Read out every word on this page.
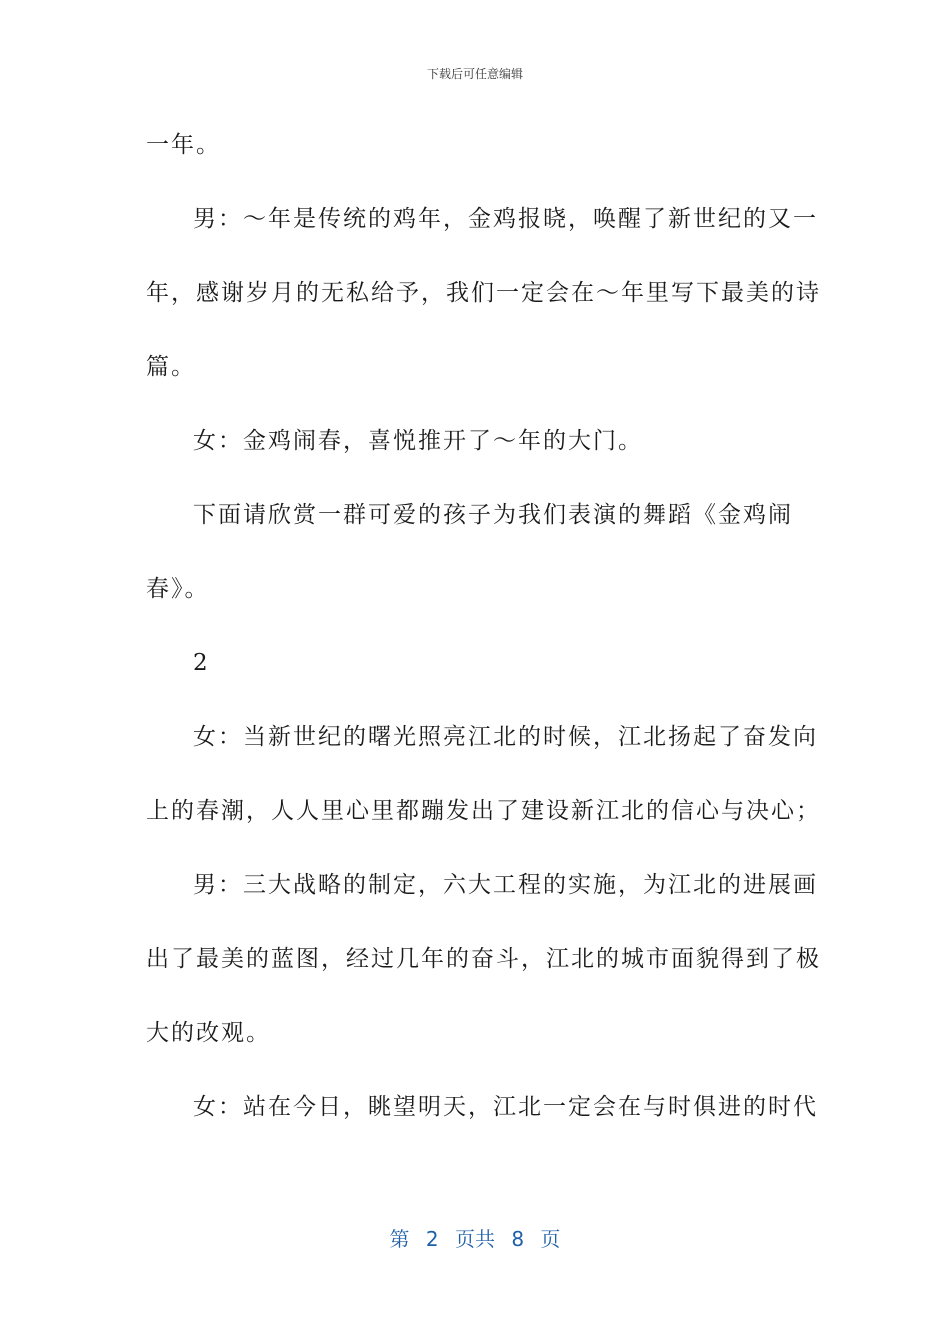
下载后可任意编辑
一年。
男：～年是传统的鸡年，金鸡报晓，唤醒了新世纪的又一
年，感谢岁月的无私给予，我们一定会在～年里写下最美的诗
篇。
女：金鸡闹春，喜悦推开了～年的大门。
下面请欣赏一群可爱的孩子为我们表演的舞蹈《金鸡闹
春》。
2
女：当新世纪的曙光照亮江北的时候，江北扬起了奋发向
上的春潮，人人里心里都蹦发出了建设新江北的信心与决心；
男：三大战略的制定，六大工程的实施，为江北的进展画
出了最美的蓝图，经过几年的奋斗，江北的城市面貌得到了极
大的改观。
女：站在今日，眺望明天，江北一定会在与时俱进的时代
第 2 页共 8 页
